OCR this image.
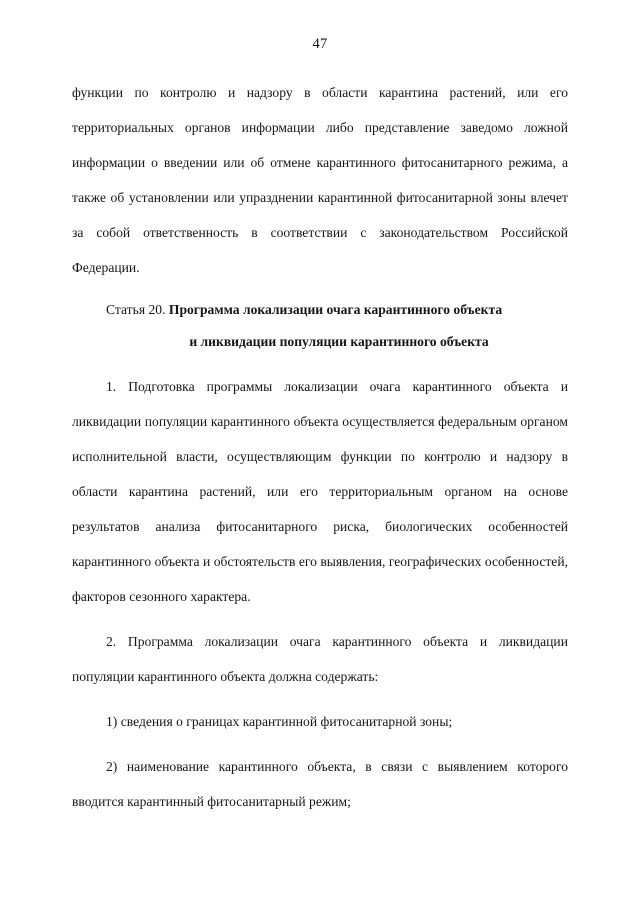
47

функции по контролю и надзору в области карантина растений, или его территориальных органов информации либо представление заведомо ложной информации о введении или об отмене карантинного фитосанитарного режима, а также об установлении или упразднении карантинной фитосанитарной зоны влечет за собой ответственность в соответствии с законодательством Российской Федерации.

Статья 20. Программа локализации очага карантинного объекта
и ликвидации популяции карантинного объекта

1. Подготовка программы локализации очага карантинного объекта и ликвидации популяции карантинного объекта осуществляется федеральным органом исполнительной власти, осуществляющим функции по контролю и надзору в области карантина растений, или его территориальным органом на основе результатов анализа фитосанитарного риска, биологических особенностей карантинного объекта и обстоятельств его выявления, географических особенностей, факторов сезонного характера.

2. Программа локализации очага карантинного объекта и ликвидации популяции карантинного объекта должна содержать:

1) сведения о границах карантинной фитосанитарной зоны;

2) наименование карантинного объекта, в связи с выявлением которого вводится карантинный фитосанитарный режим;
